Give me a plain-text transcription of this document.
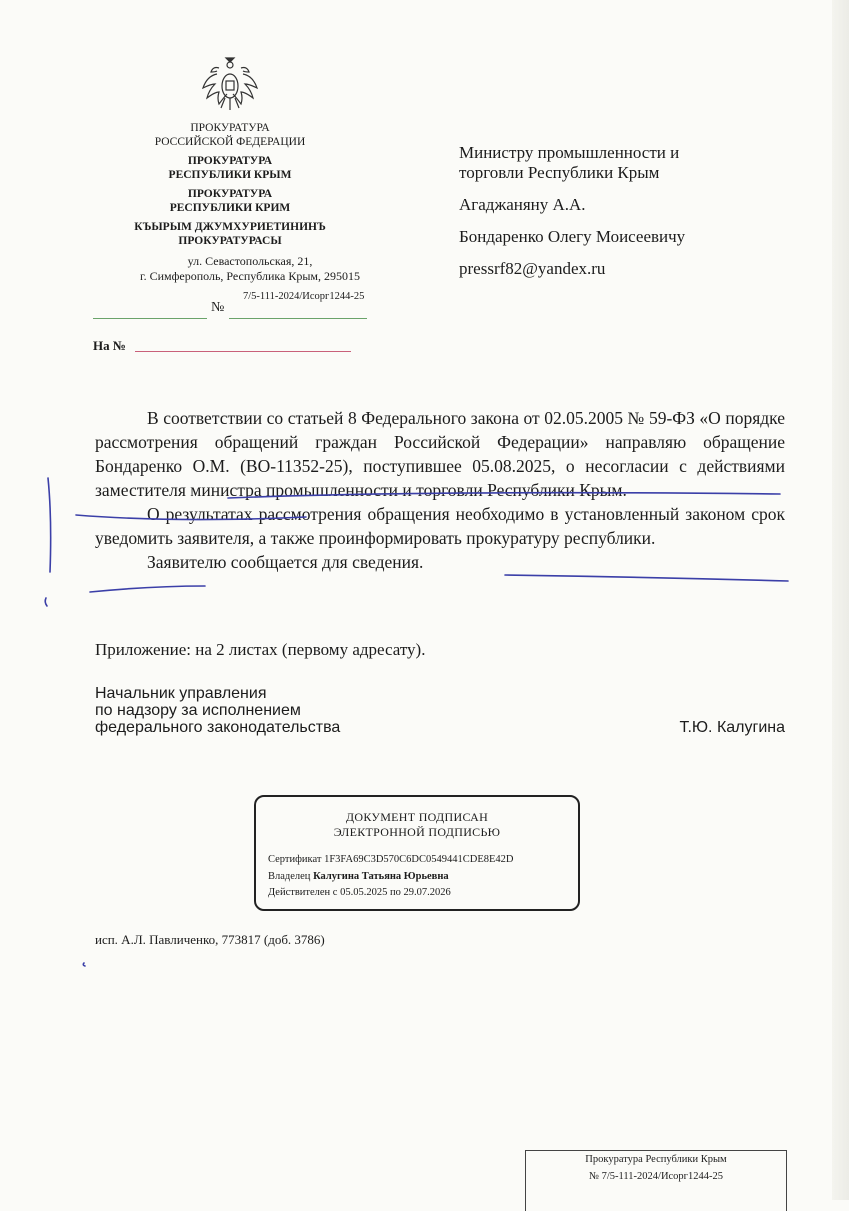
ПРОКУРАТУРА
РОССИЙСКОЙ ФЕДЕРАЦИИ
ПРОКУРАТУРА
РЕСПУБЛИКИ КРЫМ
ПРОКУРАТУРА
РЕСПУБЛИКИ КРИМ
КЪЫРЫМ ДЖУМХУРИЕТИНИНЪ
ПРОКУРАТУРАСЫ
ул. Севастопольская, 21,
г. Симферополь, Республика Крым, 295015
№
7/5-111-2024/Исорг1244-25
На №

Министру промышленности и

торговли Республики Крым

Агаджаняну А.А.

Бондаренко Олегу Моисеевичу

pressrf82@yandex.ru

В соответствии со статьей 8 Федерального закона от 02.05.2005 № 59-ФЗ «О порядке рассмотрения обращений граждан Российской Федерации» направляю обращение Бондаренко О.М. (ВО-11352-25), поступившее 05.08.2025, о несогласии с действиями заместителя министра промышленности и торговли Республики Крым.

О результатах рассмотрения обращения необходимо в установленный законом срок уведомить заявителя, а также проинформировать прокуратуру республики.

Заявителю сообщается для сведения.

Приложение: на 2 листах (первому адресату).

Начальник управления

по надзору за исполнением

федерального законодательства	Т.Ю. Калугина
ДОКУМЕНТ ПОДПИСАН
ЭЛЕКТРОННОЙ ПОДПИСЬЮ
Сертификат 1F3FA69C3D570C6DC0549441CDE8E42D
Владелец Калугина Татьяна Юрьевна
Действителен с 05.05.2025 по 29.07.2026
исп. А.Л. Павличенко, 773817 (доб. 3786)
Прокуратура Республики Крым
№ 7/5-111-2024/Исорг1244-25
